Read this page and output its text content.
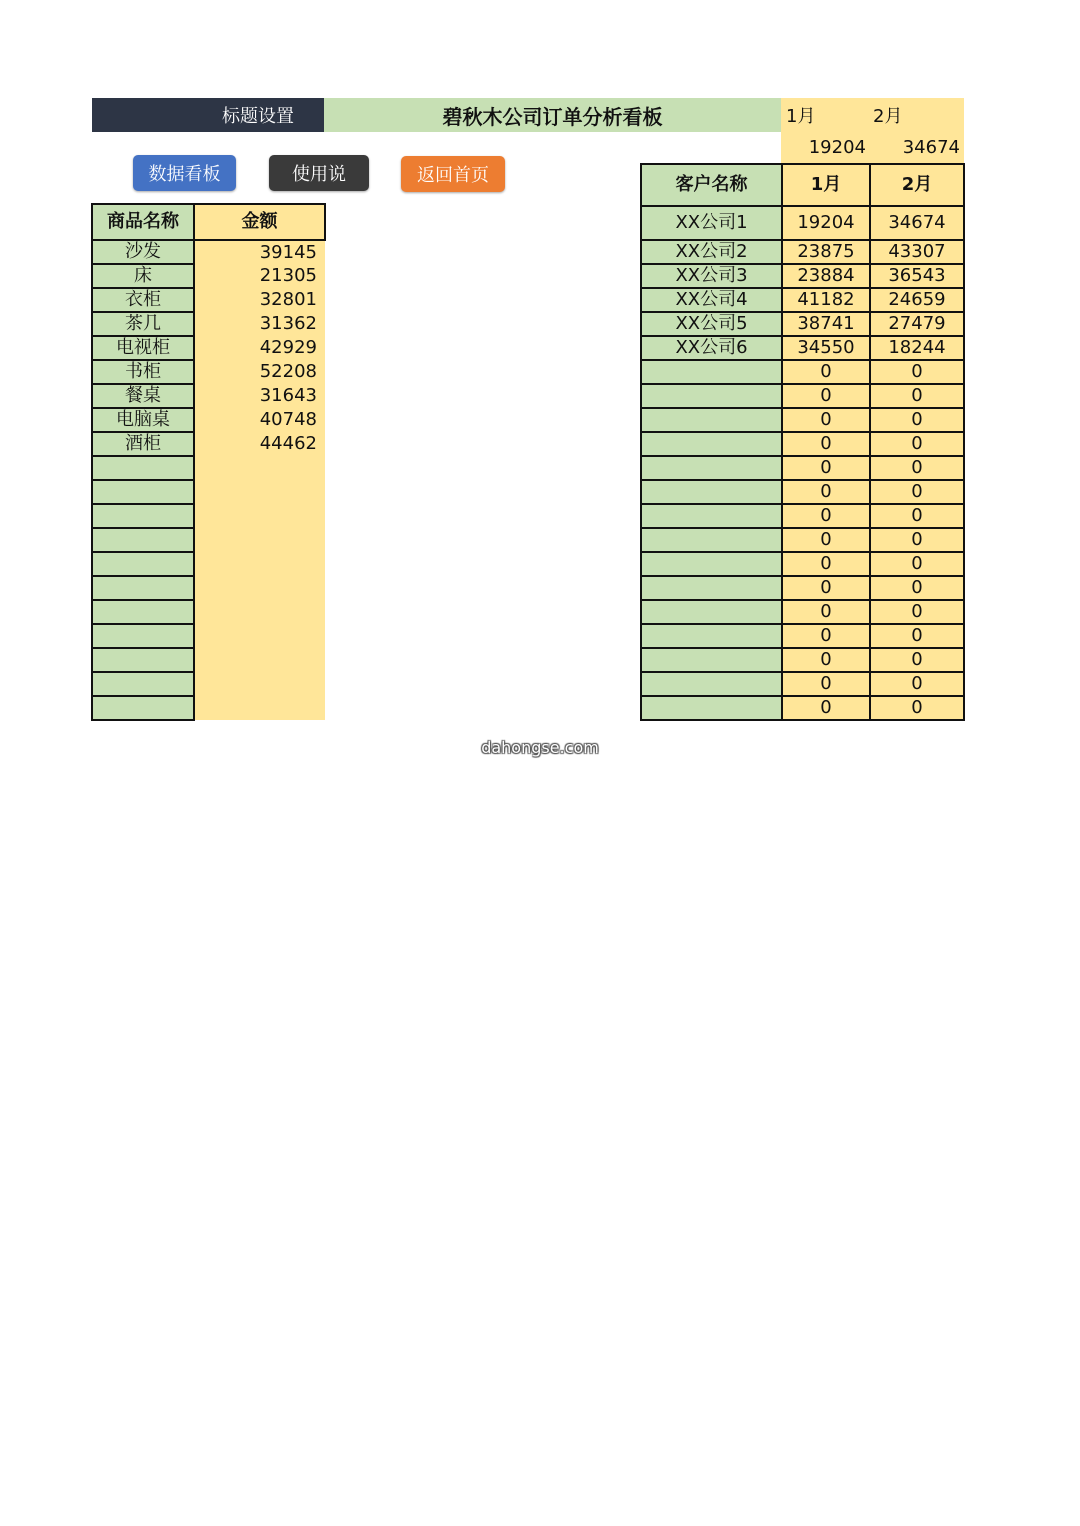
标题设置	碧秋木公司订单分析看板	1月	2月
19204	34674
数据看板	使用说	返回首页
商品名称	金额
沙发	39145
床	21305
衣柜	32801
茶几	31362
电视柜	42929
书柜	52208
餐桌	31643
电脑桌	40748
酒柜	44462

客户名称	1月	2月
XX公司1	19204	34674
XX公司2	23875	43307
XX公司3	23884	36543
XX公司4	41182	24659
XX公司5	38741	27479
XX公司6	34550	18244
	0	0
	0	0
	0	0
	0	0
	0	0
	0	0
	0	0
	0	0
	0	0
	0	0
	0	0
	0	0
	0	0
	0	0
	0	0
dahongse.com
